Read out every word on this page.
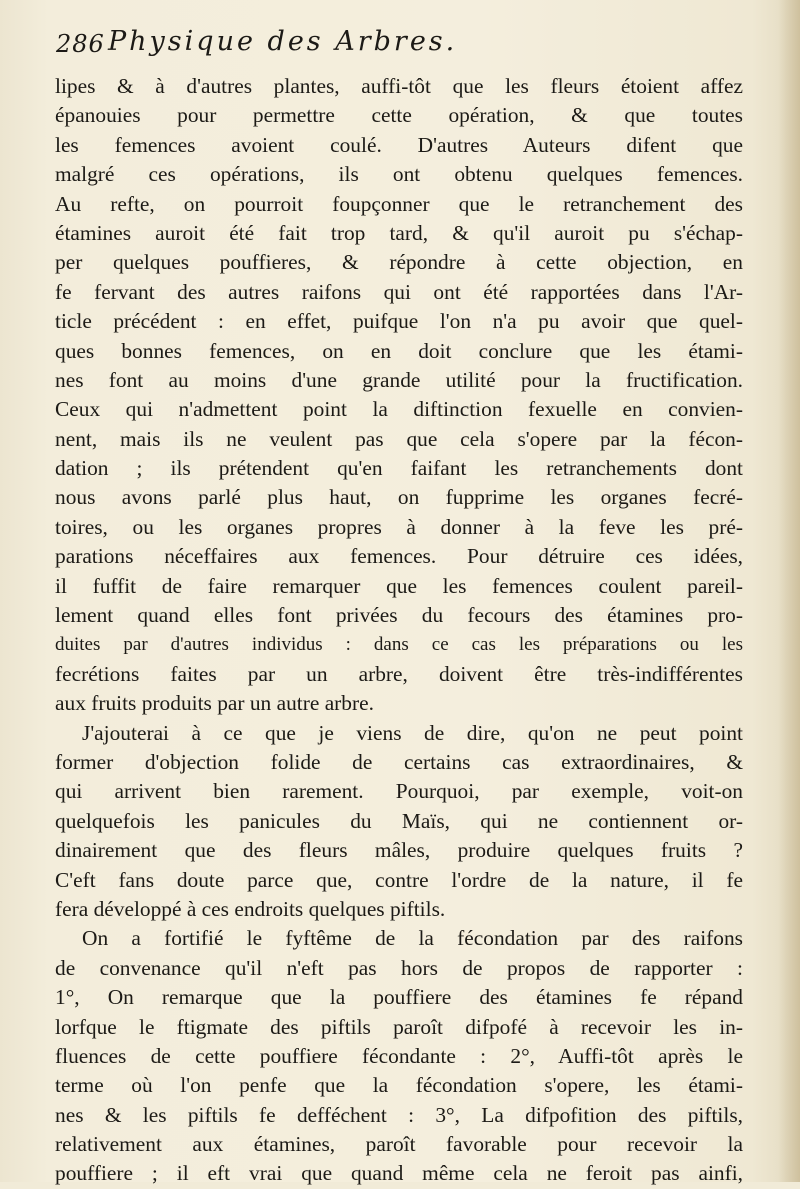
286 Physique des Arbres.
lipes & à d'autres plantes, auffi-tôt que les fleurs étoient affez
épanouies pour permettre cette opération, & que toutes
les femences avoient coulé. D'autres Auteurs difent que
malgré ces opérations, ils ont obtenu quelques femences.
Au refte, on pourroit foupçonner que le retranchement des
étamines auroit été fait trop tard, & qu'il auroit pu s'échap-
per quelques pouffieres, & répondre à cette objection, en
fe fervant des autres raifons qui ont été rapportées dans l'Ar-
ticle précédent : en effet, puifque l'on n'a pu avoir que quel-
ques bonnes femences, on en doit conclure que les étami-
nes font au moins d'une grande utilité pour la fructification.
Ceux qui n'admettent point la diftinction fexuelle en convien-
nent, mais ils ne veulent pas que cela s'opere par la fécon-
dation ; ils prétendent qu'en faifant les retranchements dont
nous avons parlé plus haut, on fupprime les organes fecré-
toires, ou les organes propres à donner à la feve les pré-
parations néceffaires aux femences. Pour détruire ces idées,
il fuffit de faire remarquer que les femences coulent pareil-
lement quand elles font privées du fecours des étamines pro-
duites par d'autres individus : dans ce cas les préparations ou les
fecrétions faites par un arbre, doivent être très-indifférentes
aux fruits produits par un autre arbre.
J'ajouterai à ce que je viens de dire, qu'on ne peut point
former d'objection folide de certains cas extraordinaires, &
qui arrivent bien rarement. Pourquoi, par exemple, voit-on
quelquefois les panicules du Maïs, qui ne contiennent or-
dinairement que des fleurs mâles, produire quelques fruits ?
C'eft fans doute parce que, contre l'ordre de la nature, il fe
fera développé à ces endroits quelques piftils.
On a fortifié le fyftême de la fécondation par des raifons
de convenance qu'il n'eft pas hors de propos de rapporter :
1°, On remarque que la pouffiere des étamines fe répand
lorfque le ftigmate des piftils paroît difpofé à recevoir les in-
fluences de cette pouffiere fécondante : 2°, Auffi-tôt après le
terme où l'on penfe que la fécondation s'opere, les étami-
nes & les piftils fe defféchent : 3°, La difpofition des piftils,
relativement aux étamines, paroît favorable pour recevoir la
pouffiere ; il eft vrai que quand même cela ne feroit pas ainfi,
